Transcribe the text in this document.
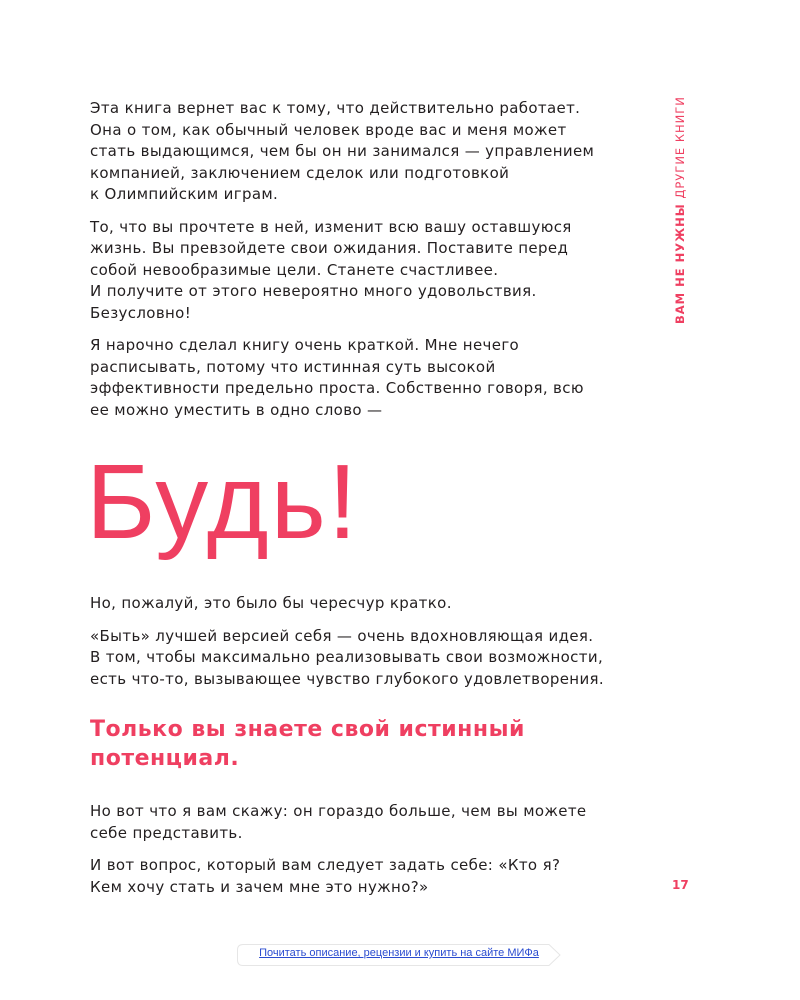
ВАМ НЕ НУЖНЫ ДРУГИЕ КНИГИ

Эта книга вернет вас к тому, что действительно работает.
Она о том, как обычный человек вроде вас и меня может
стать выдающимся, чем бы он ни занимался — управлением
компанией, заключением сделок или подготовкой
к Олимпийским играм.

То, что вы прочтете в ней, изменит всю вашу оставшуюся
жизнь. Вы превзойдете свои ожидания. Поставите перед
собой невообразимые цели. Станете счастливее.
И получите от этого невероятно много удовольствия.
Безусловно!

Я нарочно сделал книгу очень краткой. Мне нечего
расписывать, потому что истинная суть высокой
эффективности предельно проста. Собственно говоря, всю
ее можно уместить в одно слово —

Будь!

Но, пожалуй, это было бы чересчур кратко.

«Быть» лучшей версией себя — очень вдохновляющая идея.
В том, чтобы максимально реализовывать свои возможности,
есть что-то, вызывающее чувство глубокого удовлетворения.

Только вы знаете свой истинный
потенциал.

Но вот что я вам скажу: он гораздо больше, чем вы можете
себе представить.

И вот вопрос, который вам следует задать себе: «Кто я?
Кем хочу стать и зачем мне это нужно?»	17
Почитать описание, рецензии и купить на сайте МИФа
